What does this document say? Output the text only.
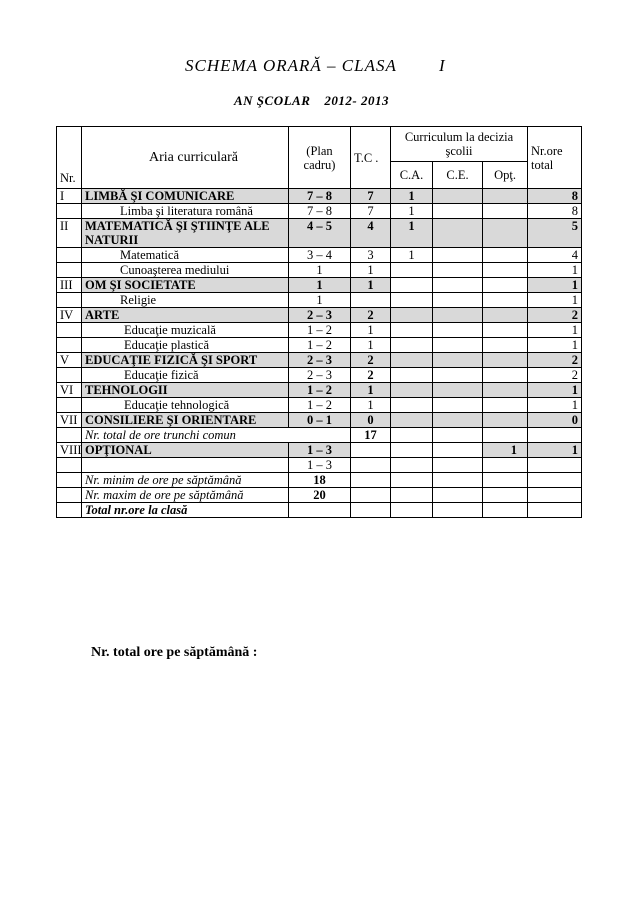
SCHEMA ORARĂ – CLASA I
AN ŞCOLAR 2012- 2013
Nr.	Aria curriculară	(Plan cadru)	T.C .	Curriculum la decizia şcolii			Nr.ore total
				C.A.	C.E.	Opţ.	
I	LIMBĂ ŞI COMUNICARE	7 – 8	7	1			8
	Limba şi literatura română	7 – 8	7	1			8
II	MATEMATICĂ ŞI ŞTIINŢE ALE NATURII	4 – 5	4	1			5
	Matematică	3 – 4	3	1			4
	Cunoaşterea mediului	1	1				1
III	OM ŞI SOCIETATE	1	1				1
	Religie	1					1
IV	ARTE	2 – 3	2				2
	Educaţie muzicală	1 – 2	1				1
	Educaţie plastică	1 – 2	1				1
V	EDUCAŢIE FIZICĂ ŞI SPORT	2 – 3	2				2
	Educaţie fizică	2 – 3	2				2
VI	TEHNOLOGII	1 – 2	1				1
	Educaţie tehnologică	1 – 2	1				1
VII	CONSILIERE ŞI ORIENTARE	0 – 1	0				0
	Nr. total de ore trunchi comun		17				
VIII	OPŢIONAL	1 – 3				1	1
		1 – 3					
	Nr. minim de ore pe săptămână	18					
	Nr. maxim de ore pe săptămână	20					
	Total nr.ore la clasă						
Nr. total ore pe săptămână :
